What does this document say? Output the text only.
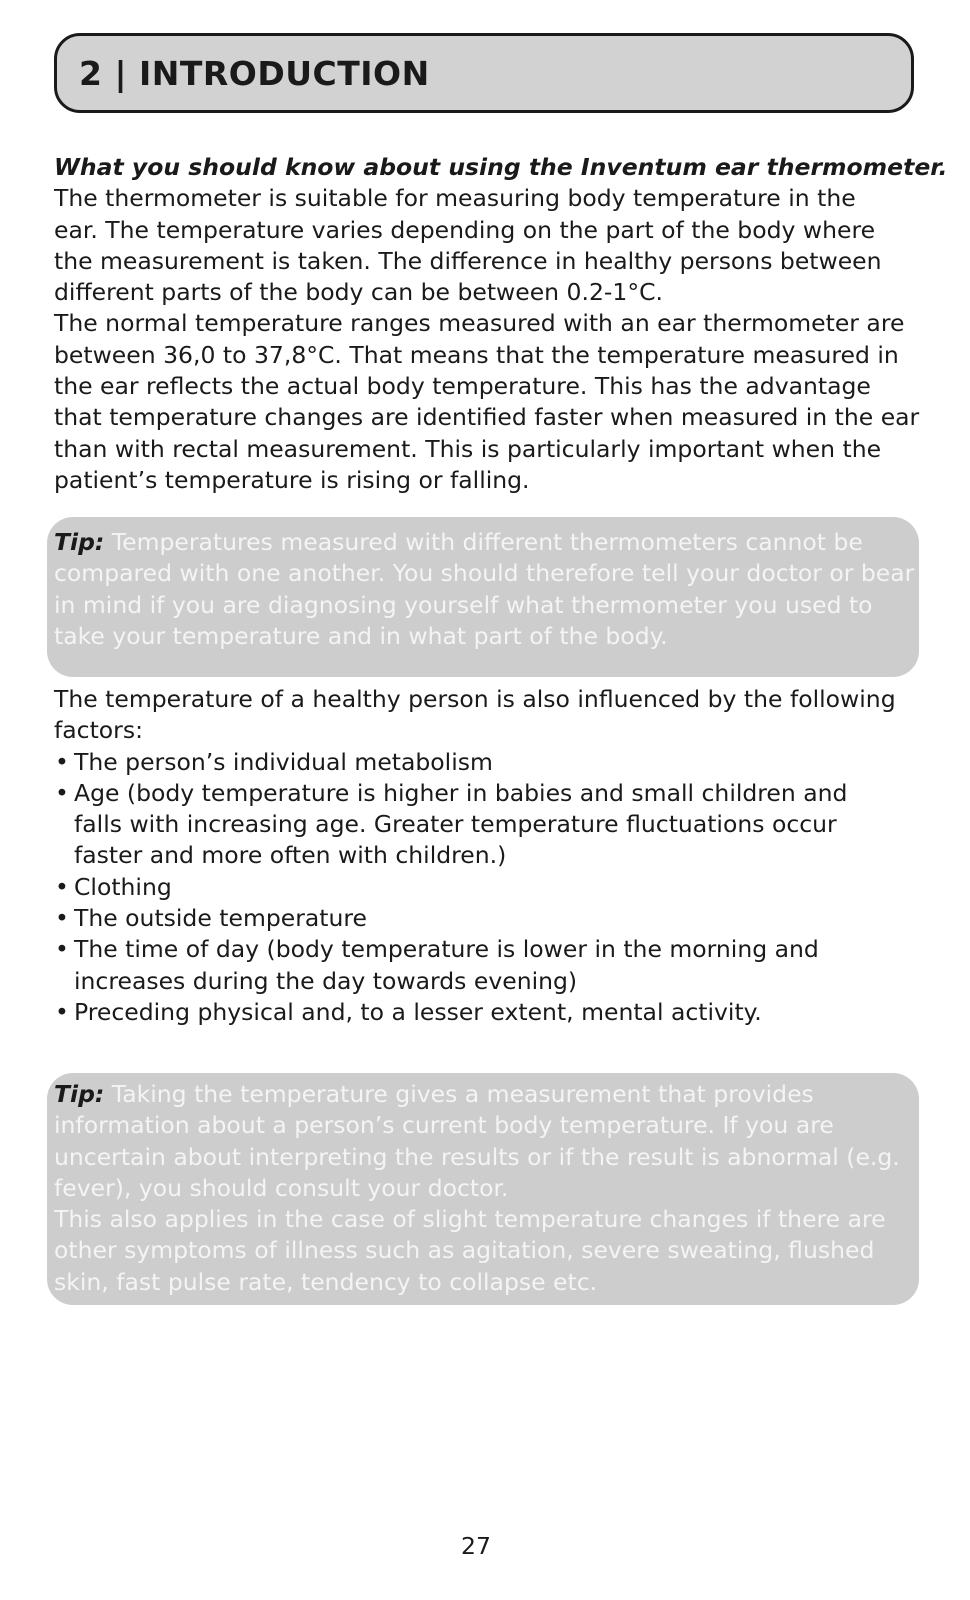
2 | INTRODUCTION
What you should know about using the Inventum ear thermometer.
The thermometer is suitable for measuring body temperature in the
ear. The temperature varies depending on the part of the body where
the measurement is taken. The difference in healthy persons between
different parts of the body can be between 0.2-1°C.
The normal temperature ranges measured with an ear thermometer are
between 36,0 to 37,8°C. That means that the temperature measured in
the ear reflects the actual body temperature. This has the advantage
that temperature changes are identified faster when measured in the ear
than with rectal measurement. This is particularly important when the
patient’s temperature is rising or falling.
Tip: Temperatures measured with different thermometers cannot be
compared with one another. You should therefore tell your doctor or bear
in mind if you are diagnosing yourself what thermometer you used to
take your temperature and in what part of the body.
The temperature of a healthy person is also influenced by the following
factors:
• The person’s individual metabolism
• Age (body temperature is higher in babies and small children and
falls with increasing age. Greater temperature fluctuations occur
faster and more often with children.)
• Clothing
• The outside temperature
• The time of day (body temperature is lower in the morning and
increases during the day towards evening)
• Preceding physical and, to a lesser extent, mental activity.
Tip: Taking the temperature gives a measurement that provides
information about a person’s current body temperature. If you are
uncertain about interpreting the results or if the result is abnormal (e.g.
fever), you should consult your doctor.
This also applies in the case of slight temperature changes if there are
other symptoms of illness such as agitation, severe sweating, flushed
skin, fast pulse rate, tendency to collapse etc.
27
